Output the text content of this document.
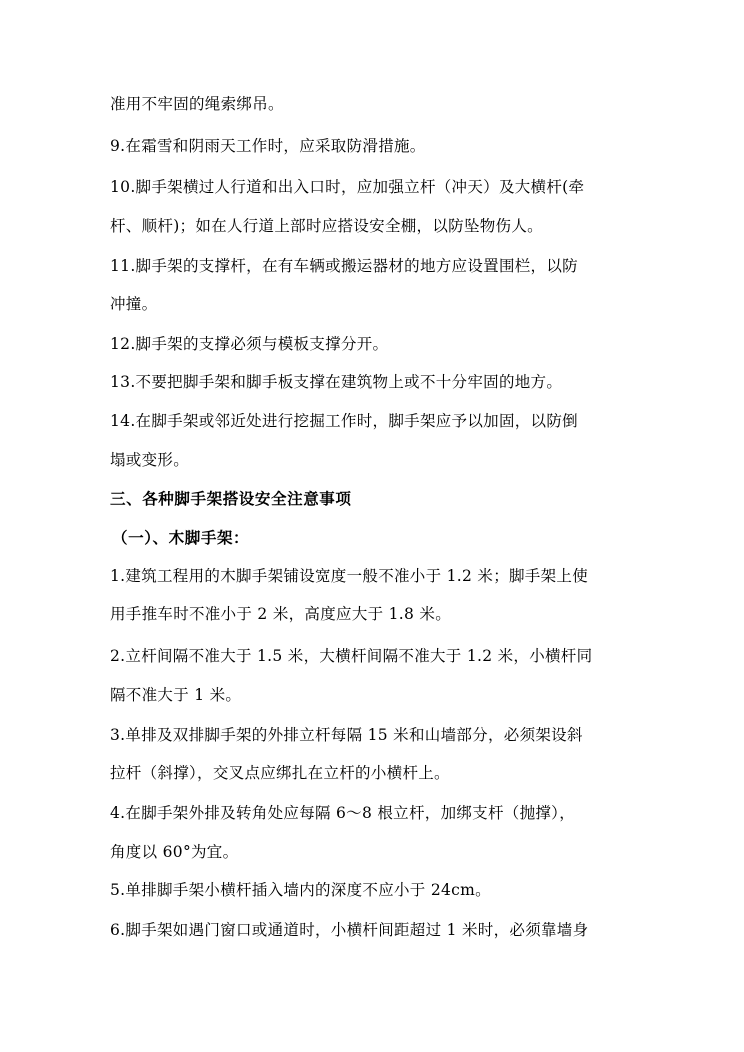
准用不牢固的绳索绑吊。
9.在霜雪和阴雨天工作时，应采取防滑措施。
10.脚手架横过人行道和出入口时，应加强立杆（冲天）及大横杆(牵
杆、顺杆)；如在人行道上部时应搭设安全棚，以防坠物伤人。
11.脚手架的支撑杆，在有车辆或搬运器材的地方应设置围栏，以防
冲撞。
12.脚手架的支撑必须与模板支撑分开。
13.不要把脚手架和脚手板支撑在建筑物上或不十分牢固的地方。
14.在脚手架或邻近处进行挖掘工作时，脚手架应予以加固，以防倒
塌或变形。
三、各种脚手架搭设安全注意事项
（一）、木脚手架：
1.建筑工程用的木脚手架铺设宽度一般不准小于 1.2 米；脚手架上使
用手推车时不准小于 2 米，高度应大于 1.8 米。
2.立杆间隔不准大于 1.5 米，大横杆间隔不准大于 1.2 米，小横杆同
隔不准大于 1 米。
3.单排及双排脚手架的外排立杆每隔 15 米和山墙部分，必须架设斜
拉杆（斜撑），交叉点应绑扎在立杆的小横杆上。
4.在脚手架外排及转角处应每隔 6～8 根立杆，加绑支杆（抛撑），
角度以 60°为宜。
5.单排脚手架小横杆插入墙内的深度不应小于 24cm。
6.脚手架如遇门窗口或通道时，小横杆间距超过 1 米时，必须靠墙身
